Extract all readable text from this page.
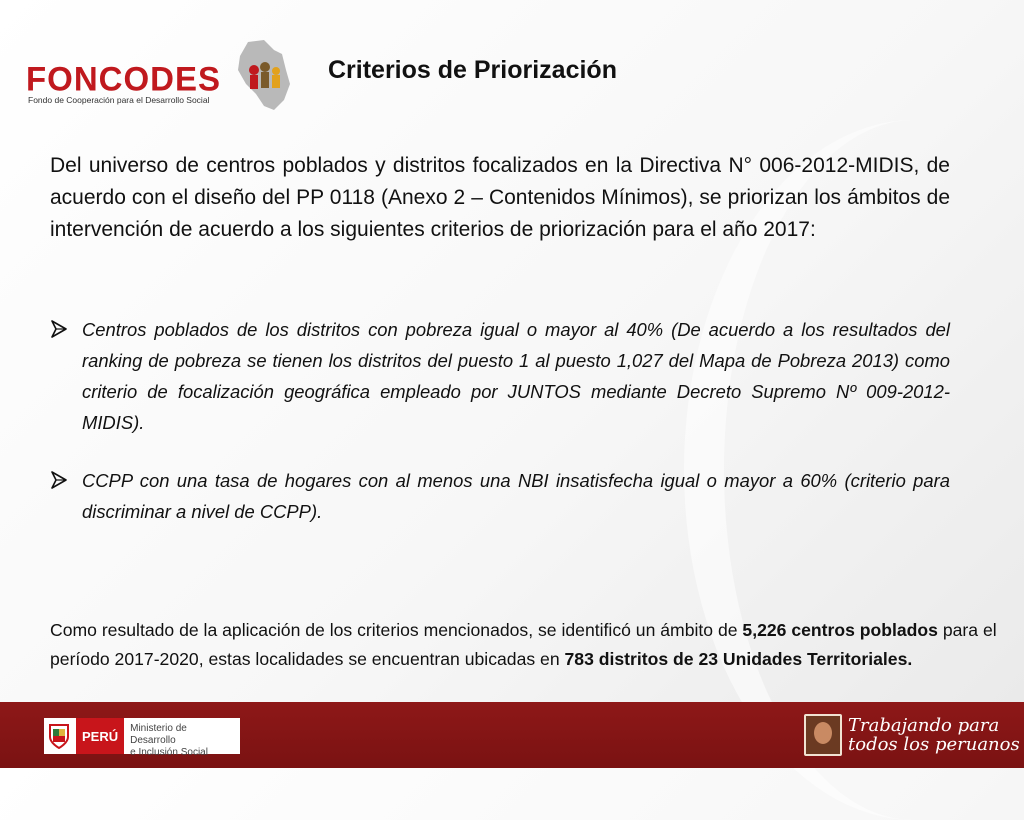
FONCODES
Fondo de Cooperación para el Desarrollo Social
Criterios de Priorización

Del universo de centros poblados y distritos focalizados en la Directiva N° 006-2012-MIDIS, de acuerdo con el diseño del PP 0118 (Anexo 2 – Contenidos Mínimos), se priorizan los ámbitos de intervención de acuerdo a los siguientes criterios de priorización para el año 2017:

Centros poblados de los distritos con pobreza igual o mayor al 40% (De acuerdo a los resultados del ranking de pobreza se tienen los distritos del puesto 1 al puesto 1,027 del Mapa de Pobreza 2013) como criterio de focalización geográfica empleado por JUNTOS mediante Decreto Supremo Nº 009-2012-MIDIS).
CCPP con una tasa de hogares con al menos una NBI insatisfecha igual o mayor a 60% (criterio para discriminar a nivel de CCPP).

Como resultado de la aplicación de los criterios mencionados, se identificó un ámbito de 5,226 centros poblados para el período 2017-2020, estas localidades se encuentran ubicadas en 783 distritos de 23 Unidades Territoriales.

PERÚ	Ministerio de Desarrollo
e Inclusión Social
Trabajando para
todos los peruanos
